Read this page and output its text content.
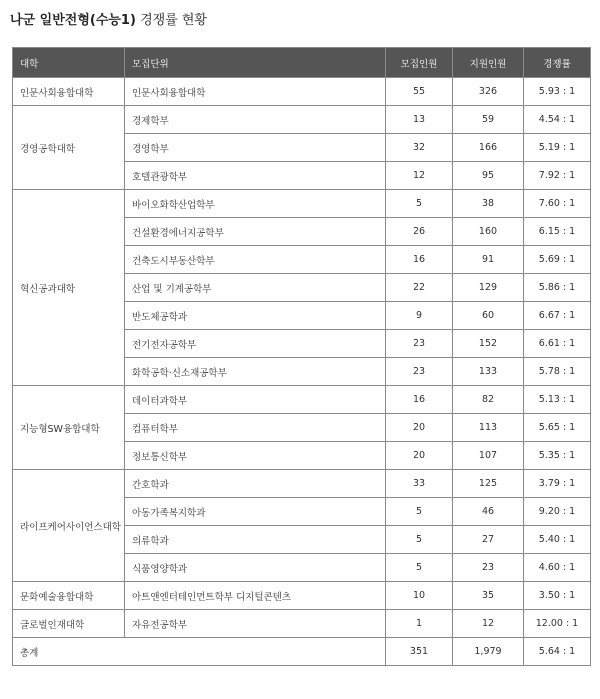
나군 일반전형(수능1) 경쟁률 현황
대학	모집단위	모집인원	지원인원	경쟁률
인문사회융합대학	인문사회융합대학	55	326	5.93 : 1
경영공학대학	경제학부	13	59	4.54 : 1
	경영학부	32	166	5.19 : 1
	호텔관광학부	12	95	7.92 : 1
혁신공과대학	바이오화학산업학부	5	38	7.60 : 1
	건설환경에너지공학부	26	160	6.15 : 1
	건축도시부동산학부	16	91	5.69 : 1
	산업 및 기계공학부	22	129	5.86 : 1
	반도체공학과	9	60	6.67 : 1
	전기전자공학부	23	152	6.61 : 1
	화학공학·신소재공학부	23	133	5.78 : 1
지능형SW융합대학	데이터과학부	16	82	5.13 : 1
	컴퓨터학부	20	113	5.65 : 1
	정보통신학부	20	107	5.35 : 1
라이프케어사이언스대학	간호학과	33	125	3.79 : 1
	아동가족복지학과	5	46	9.20 : 1
	의류학과	5	27	5.40 : 1
	식품영양학과	5	23	4.60 : 1
문화예술융합대학	아트앤엔터테인먼트학부 디지털콘텐츠	10	35	3.50 : 1
글로벌인재대학	자유전공학부	1	12	12.00 : 1
총계		351	1,979	5.64 : 1
